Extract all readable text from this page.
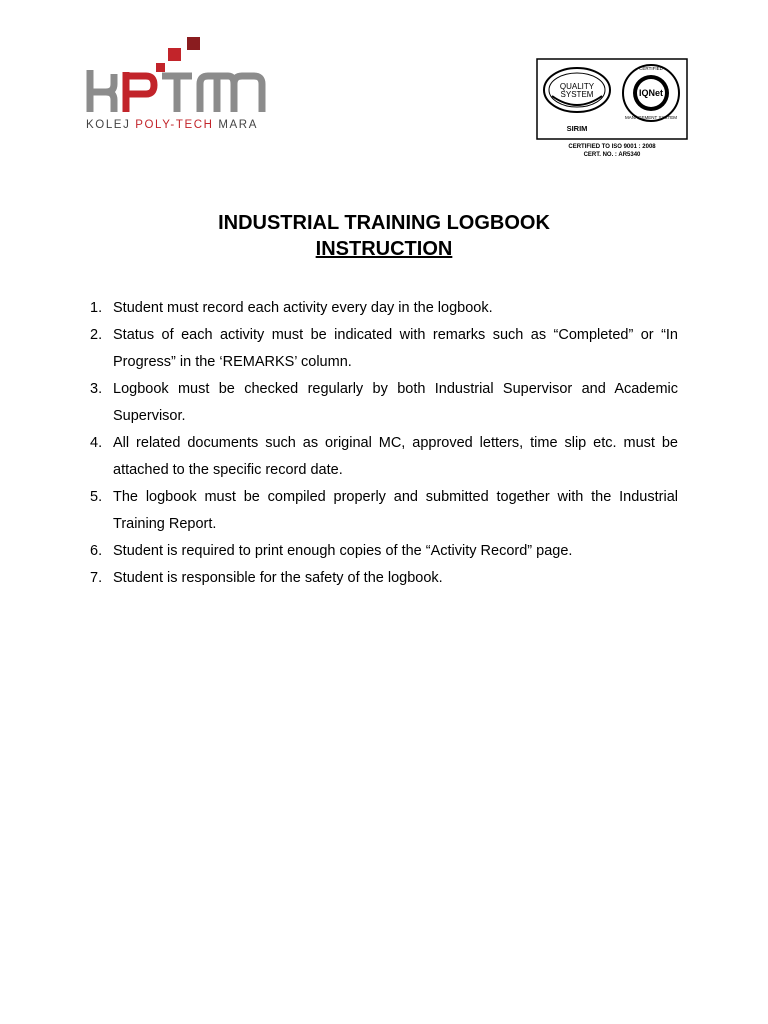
KOLEJ POLY-TECH MARA
QUALITY
SYSTEM
SIRIM
IQNet
CERTIFIED
MANAGEMENT SYSTEM
CERTIFIED TO ISO 9001 : 2008
CERT. NO. : AR5340

INDUSTRIAL TRAINING LOGBOOK

INSTRUCTION

1. Student must record each activity every day in the logbook.
2. Status of each activity must be indicated with remarks such as “Completed” or “In Progress” in the ‘REMARKS’ column.
3. Logbook must be checked regularly by both Industrial Supervisor and Academic Supervisor.
4. All related documents such as original MC, approved letters, time slip etc. must be attached to the specific record date.
5. The logbook must be compiled properly and submitted together with the Industrial Training Report.
6. Student is required to print enough copies of the “Activity Record” page.
7. Student is responsible for the safety of the logbook.
